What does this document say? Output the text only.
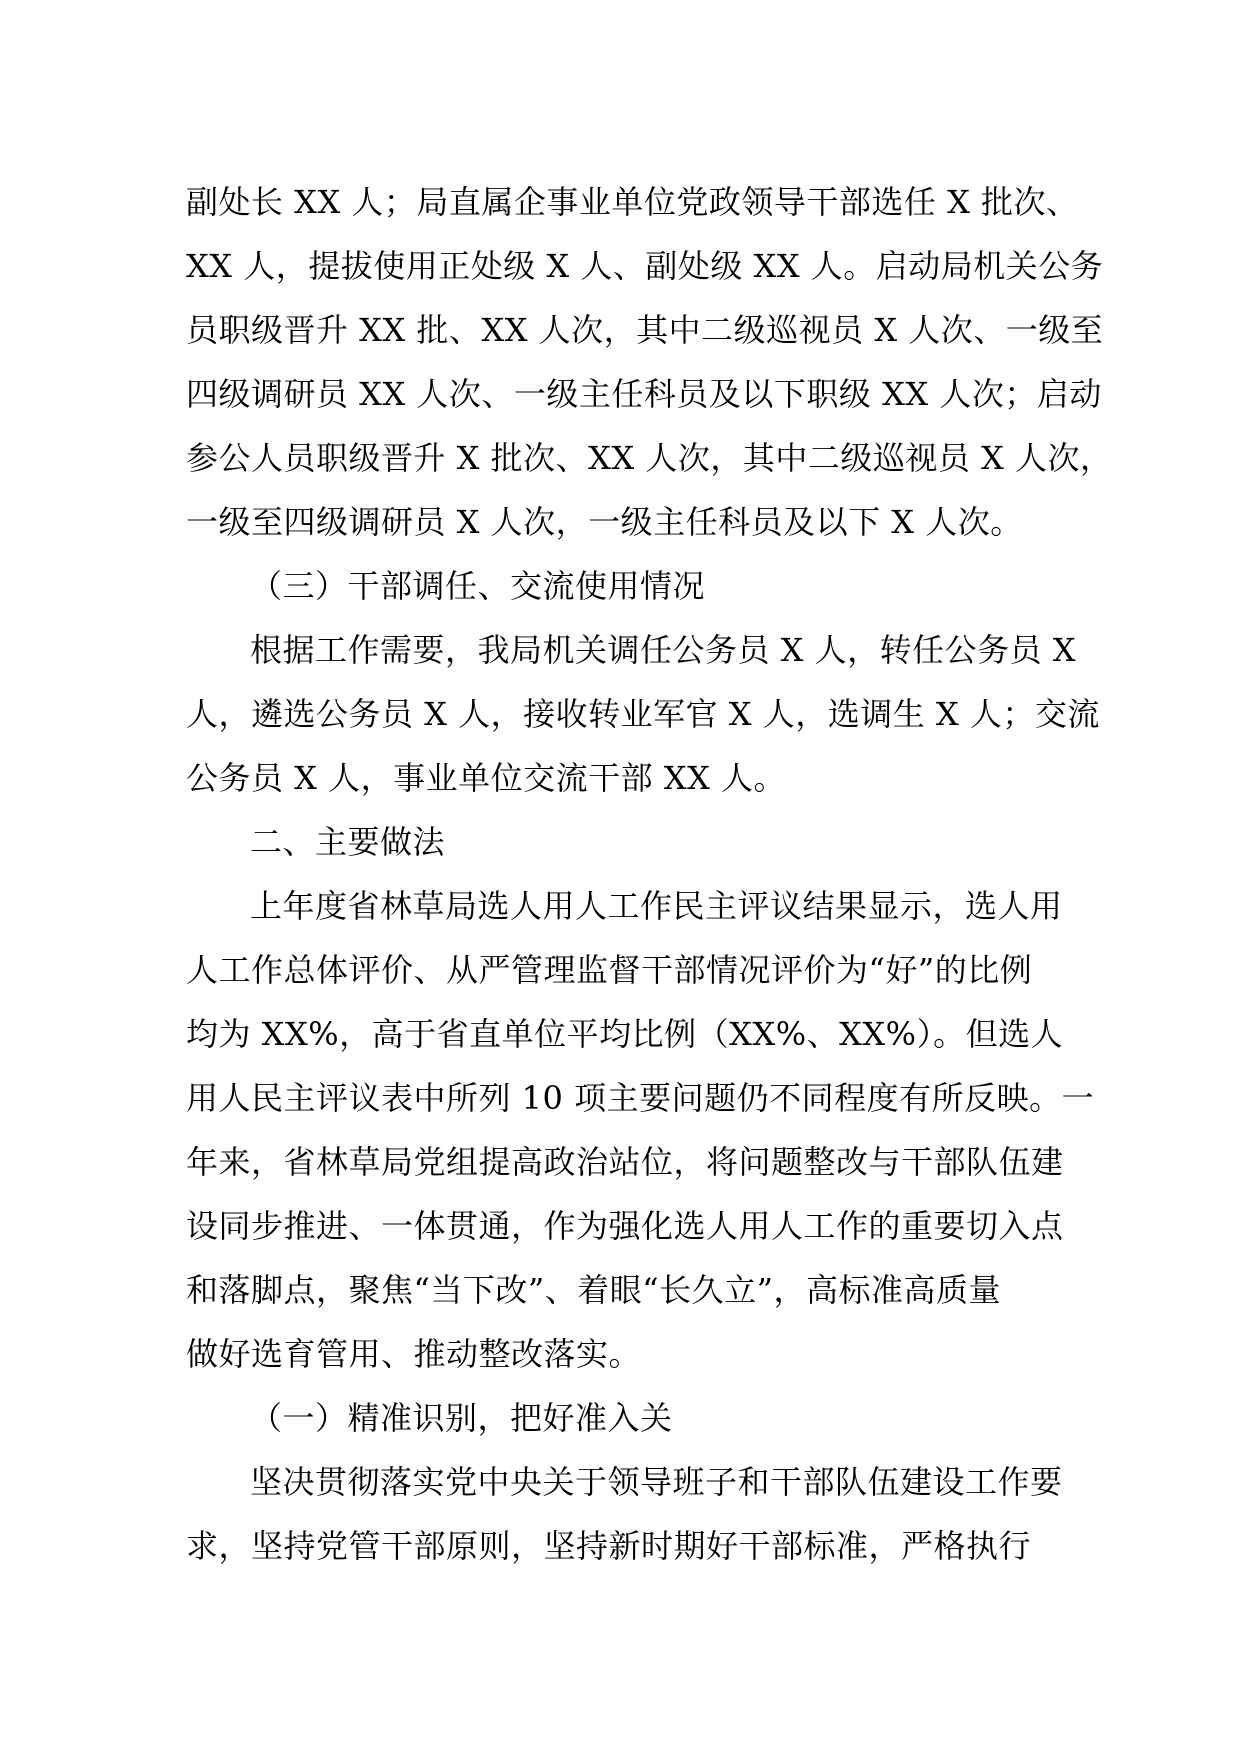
副处长 XX 人；局直属企事业单位党政领导干部选任 X 批次、
XX 人，提拔使用正处级 X 人、副处级 XX 人。启动局机关公务
员职级晋升 XX 批、XX 人次，其中二级巡视员 X 人次、一级至
四级调研员 XX 人次、一级主任科员及以下职级 XX 人次；启动
参公人员职级晋升 X 批次、XX 人次，其中二级巡视员 X 人次，
一级至四级调研员 X 人次，一级主任科员及以下 X 人次。
（三）干部调任、交流使用情况
根据工作需要，我局机关调任公务员 X 人，转任公务员 X
人，遴选公务员 X 人，接收转业军官 X 人，选调生 X 人；交流
公务员 X 人，事业单位交流干部 XX 人。
二、主要做法
上年度省林草局选人用人工作民主评议结果显示，选人用
人工作总体评价、从严管理监督干部情况评价为“好”的比例
均为 XX%，高于省直单位平均比例（XX%、XX%）。但选人
用人民主评议表中所列 10 项主要问题仍不同程度有所反映。一
年来，省林草局党组提高政治站位，将问题整改与干部队伍建
设同步推进、一体贯通，作为强化选人用人工作的重要切入点
和落脚点，聚焦“当下改”、着眼“长久立”，高标准高质量
做好选育管用、推动整改落实。
（一）精准识别，把好准入关
坚决贯彻落实党中央关于领导班子和干部队伍建设工作要
求，坚持党管干部原则，坚持新时期好干部标准，严格执行
